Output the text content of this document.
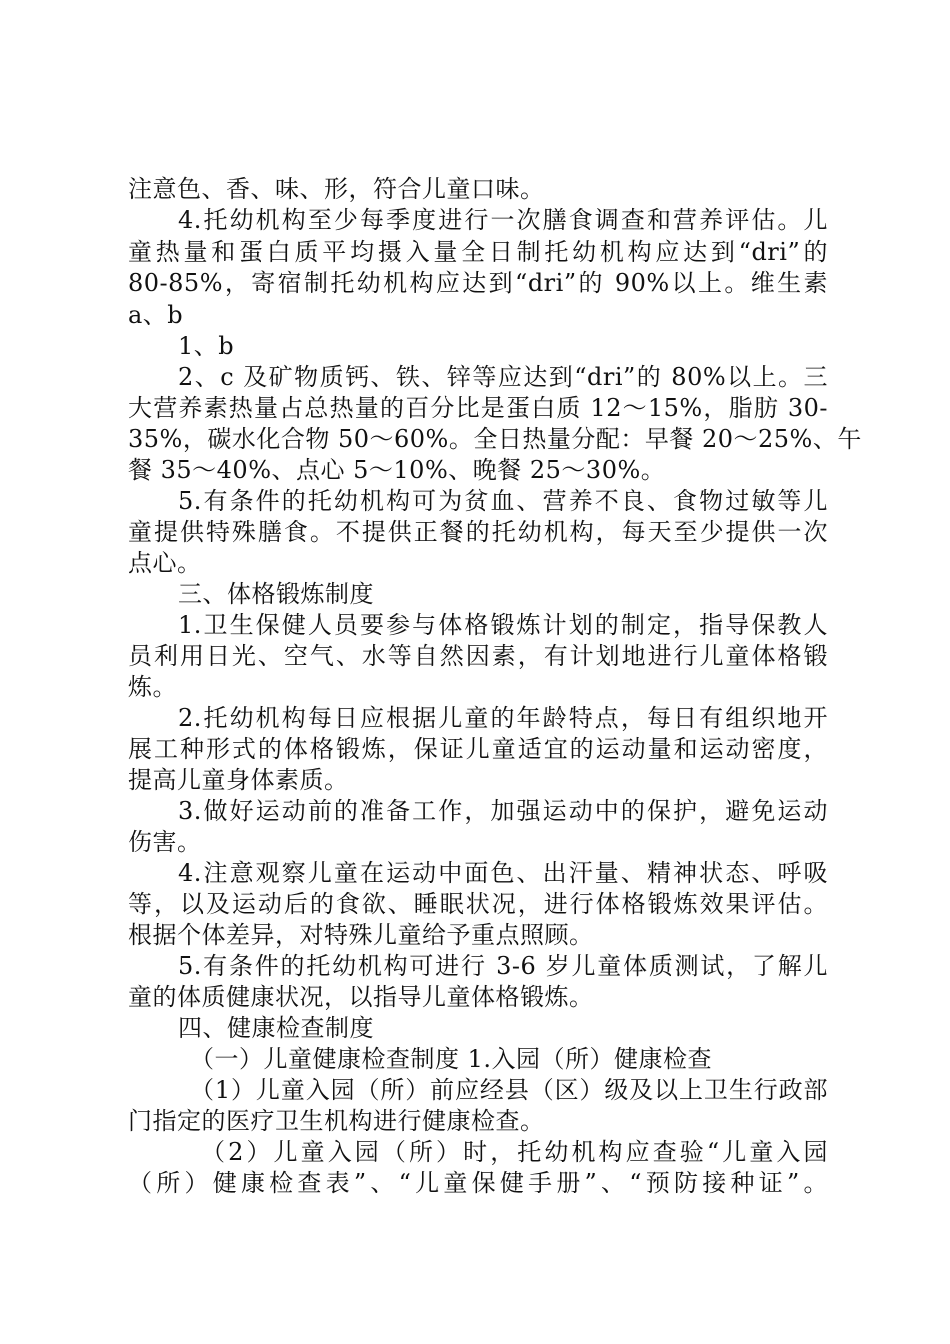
注意色、香、味、形，符合儿童口味。
4.托幼机构至少每季度进行一次膳食调查和营养评估。儿
童热量和蛋白质平均摄入量全日制托幼机构应达到“dri”的
80-85%，寄宿制托幼机构应达到“dri”的 90%以上。维生素
a、b
1、b
2、c 及矿物质钙、铁、锌等应达到“dri”的 80%以上。三
大营养素热量占总热量的百分比是蛋白质 12～15%，脂肪 30-
35%，碳水化合物 50～60%。全日热量分配：早餐 20～25%、午
餐 35～40%、点心 5～10%、晚餐 25～30%。
5.有条件的托幼机构可为贫血、营养不良、食物过敏等儿
童提供特殊膳食。不提供正餐的托幼机构，每天至少提供一次
点心。
三、体格锻炼制度
1.卫生保健人员要参与体格锻炼计划的制定，指导保教人
员利用日光、空气、水等自然因素，有计划地进行儿童体格锻
炼。
2.托幼机构每日应根据儿童的年龄特点，每日有组织地开
展工种形式的体格锻炼，保证儿童适宜的运动量和运动密度，
提高儿童身体素质。
3.做好运动前的准备工作，加强运动中的保护，避免运动
伤害。
4.注意观察儿童在运动中面色、出汗量、精神状态、呼吸
等，以及运动后的食欲、睡眠状况，进行体格锻炼效果评估。
根据个体差异，对特殊儿童给予重点照顾。
5.有条件的托幼机构可进行 3-6 岁儿童体质测试，了解儿
童的体质健康状况，以指导儿童体格锻炼。
四、健康检查制度
（一）儿童健康检查制度 1.入园（所）健康检查
（1）儿童入园（所）前应经县（区）级及以上卫生行政部
门指定的医疗卫生机构进行健康检查。
（2）儿童入园（所）时，托幼机构应查验“儿童入园
（所）健康检查表”、“儿童保健手册”、“预防接种证”。
